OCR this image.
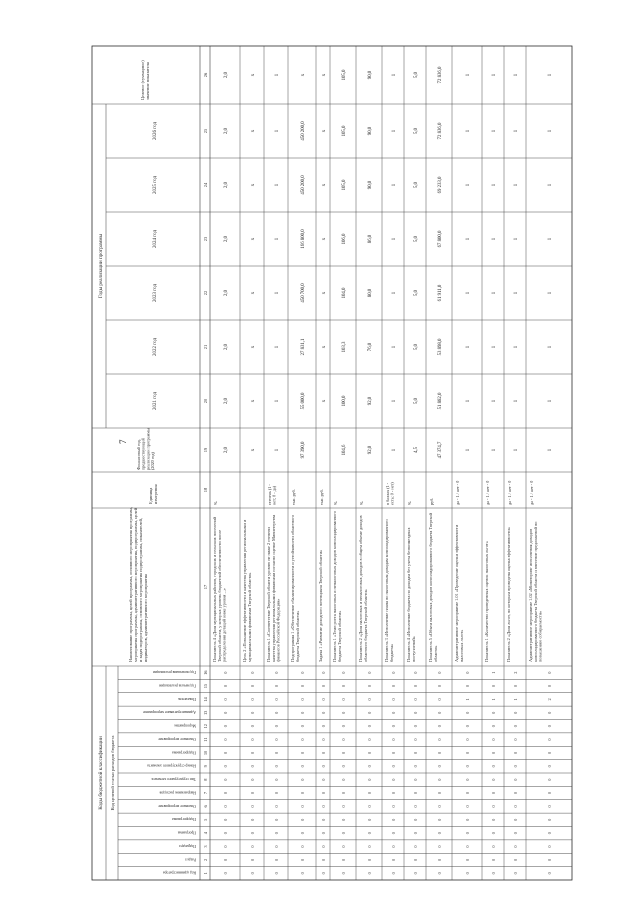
7
Коды бюджетной классификации Код целевой статьи расходов бюджета
Наименование программы, целей программы, основного мероприятия программы,мероприятия программы, административного мероприятия, подпрограммы, целейи задач подпрограммы, основного мероприятия подпрограммы, показателей,индикаторов, административного мероприятия
Единицаизмерения
Финансовый год,предшествующийреализации программы(2020 год)
Годы реализации программы
2021 год
2022 год
2023 год
2024 год
2025 год
2026 год
Целевое (суммарное)значение показателя
Код администратора
Раздел
Подраздел
Программа
Подпрограмма
Основное мероприятие
Направление расходов
Тип структурного элемента
Номер структурного элемента
Подпрограмма
Основное мероприятие
Мероприятие
Административное мероприятие
Показатель
Год начала реализации
Год окончания реализации
1
2
3
4
5
6
7
8
9
10
11
12
13
14
15
16
17
18
19
20
21
22
23
24
25
26
0
0
0
0
0
0
0
0
0
0
0
0
0
0
0
0
Показатель 4 «Доля муниципальных районов, городских и сельских поселенийТверской области, у которых уровень бюджетной обеспеченности послераспределения дотаций ниже уровня ...»
%
2,0
2,0
2,0
2,0
2,0
2,0
2,0
2,0
0
0
0
0
0
0
0
0
0
0
0
0
0
0
0
0
Цель 2 «Повышение эффективности и качества управления региональными имуниципальными финансами Тверской области»
x
x
x
x
x
x
x
x
0
0
0
0
0
0
0
0
0
0
0
0
0
0
0
0
Показатель 1 «Соответствие Тверской области уровню не ниже 2 степеникачества управления региональными финансами согласно оценке Министерствафинансов Российской Федерации»
степень (1 -нет; 0 - да)
1
1
1
1
1
1
1
1
0
0
0
0
0
0
0
0
0
0
0
0
0
0
0
0
Подпрограмма 1 «Обеспечение сбалансированности и устойчивости областногобюджета Тверской области»
тыс. руб.
97 390,0
55 000,0
27 831,1
450 700,0
166 800,0
450 200,0
450 200,0
x
0
0
0
0
0
0
0
0
0
0
0
0
0
0
0
0
Задача 1 «Развитие доходного потенциала Тверской области»
тыс. руб.
x
x
x
x
x
x
x
0
0
0
0
0
0
0
0
0
0
0
0
0
0
0
0
Показатель 1 «Темп роста налоговых и неналоговых доходов консолидированногобюджета Тверской области»
%
104,6
100,0
103,3
104,0
106,0
105,0
105,0
105,0
0
0
0
0
0
0
0
0
0
0
0
0
0
0
0
0
Показатель 2 «Доля налоговых и неналоговых доходов в общем объеме доходовобластного бюджета Тверской области»
%
92,0
92,0
76,0
80,0
86,0
90,0
90,0
90,0
0
0
0
0
0
0
0
0
0
0
0
0
0
0
0
0
Показатель 3 «Исполнение плана по налоговым доходам консолидированногобюджета»
в баллах (1 -есть; 0 - нет)
1
1
1
1
1
1
1
1
0
0
0
0
0
0
0
0
0
0
0
0
0
0
0
0
Показатель 4 «Исполнение бюджета по доходам без учета безвозмездныхпоступлений»
%
4,5
5,0
5,0
5,0
5,0
5,0
5,0
5,0
0
0
0
0
0
0
0
0
0
0
0
0
0
0
0
0
Показатель 5 «Объем налоговых доходов консолидированного бюджета Тверскойобласти»
руб.
47 374,7
51 882,0
53 898,0
61 911,0
67 800,0
69 233,0
72 836,0
72 836,0
0
0
0
0
0
0
0
0
0
0
0
0
0
1
0
0
Административное мероприятие 1.01 «Проведение оценки эффективностиналоговых льгот»
да - 1 / нет - 0
1
1
1
1
1
1
1
1
0
0
0
0
0
0
0
0
0
0
0
0
0
1
0
1
Показатель 1 «Количество проведенных оценок налоговых льгот»
да - 1 / нет - 0
1
1
1
1
1
1
1
1
0
0
0
0
0
0
0
0
0
0
0
0
0
1
0
2
Показатель 2 «Доля льгот, по которым проведена оценка эффективности»
да - 1 / нет - 0
1
1
1
1
1
1
1
1
0
0
0
0
0
0
0
0
0
0
0
0
0
2
0
0
Административное мероприятие 1.02 «Мониторинг исполнения доходовконсолидированного бюджета Тверской области и внесение предложений поповышению собираемости»
да - 1 / нет - 0
1
1
1
1
1
1
1
1
